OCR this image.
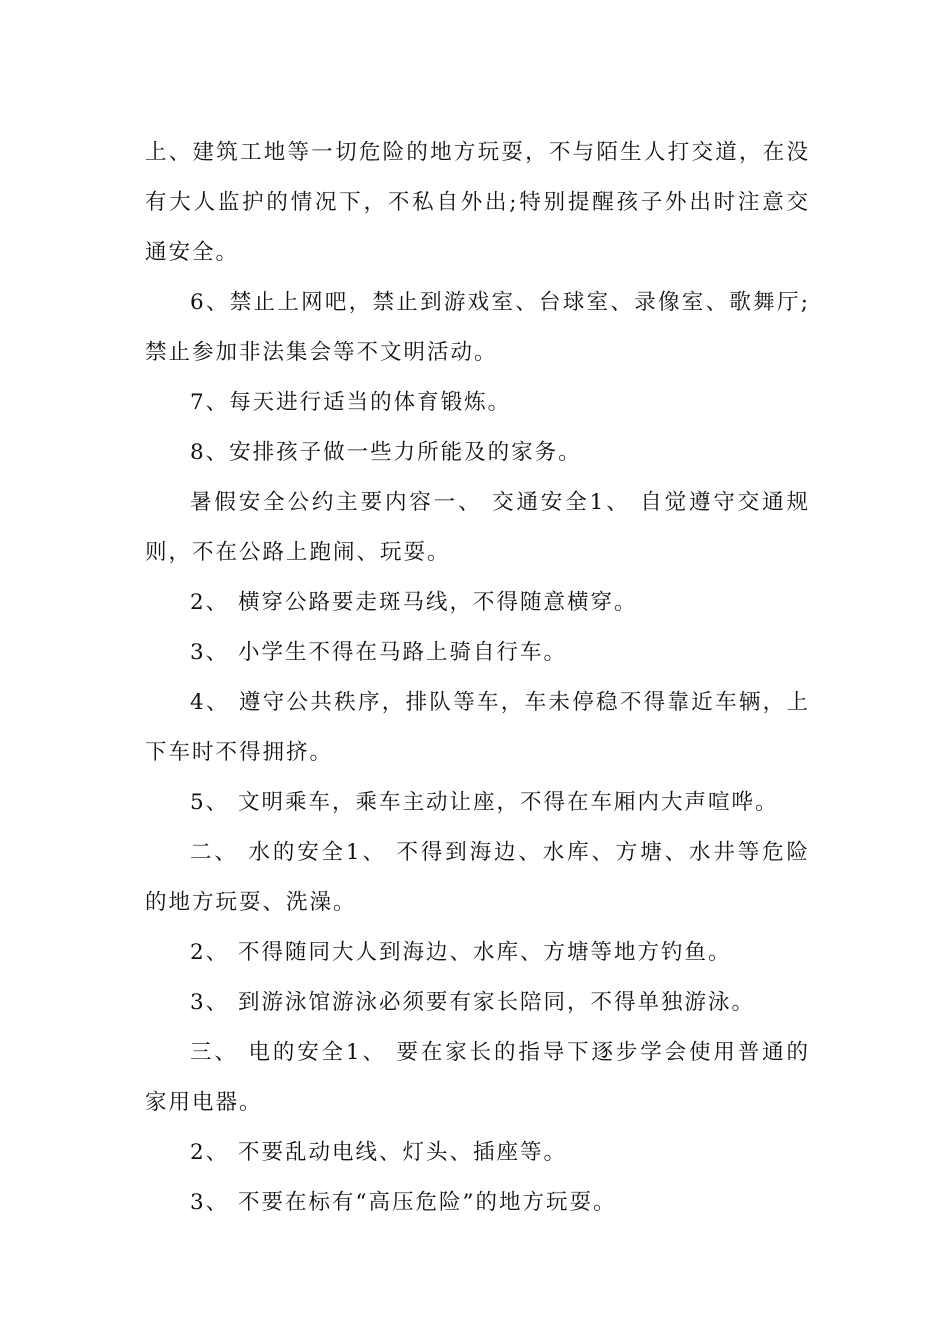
上、建筑工地等一切危险的地方玩耍，不与陌生人打交道，在没有大人监护的情况下，不私自外出;特别提醒孩子外出时注意交通安全。

6、禁止上网吧，禁止到游戏室、台球室、录像室、歌舞厅;禁止参加非法集会等不文明活动。

7、每天进行适当的体育锻炼。

8、安排孩子做一些力所能及的家务。

暑假安全公约主要内容一、 交通安全1、 自觉遵守交通规则，不在公路上跑闹、玩耍。

2、 横穿公路要走斑马线，不得随意横穿。

3、 小学生不得在马路上骑自行车。

4、 遵守公共秩序，排队等车，车未停稳不得靠近车辆，上下车时不得拥挤。

5、 文明乘车，乘车主动让座，不得在车厢内大声喧哗。

二、 水的安全1、 不得到海边、水库、方塘、水井等危险的地方玩耍、洗澡。

2、 不得随同大人到海边、水库、方塘等地方钓鱼。

3、 到游泳馆游泳必须要有家长陪同，不得单独游泳。

三、 电的安全1、 要在家长的指导下逐步学会使用普通的家用电器。

2、 不要乱动电线、灯头、插座等。

3、 不要在标有“高压危险”的地方玩耍。
